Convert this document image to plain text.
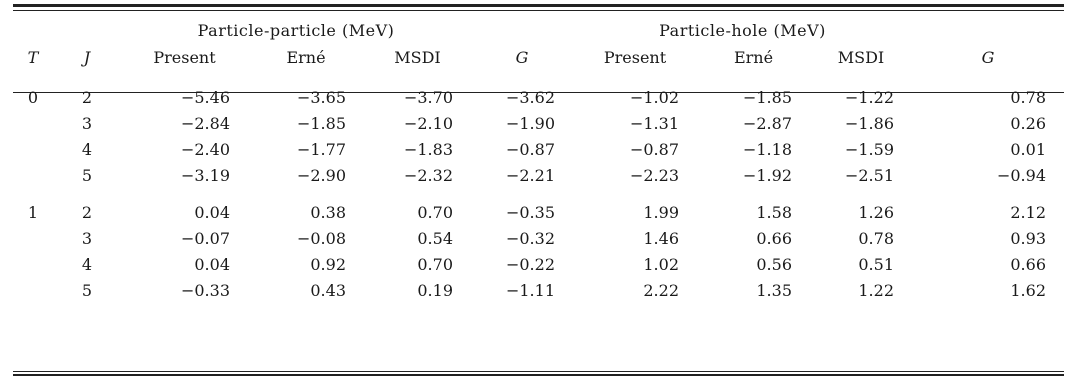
		Particle-particle (MeV)				Particle-hole (MeV)			
T	J	Present	Erné	MSDI	G	Present	Erné	MSDI	G

0	2	−5.46	−3.65	−3.70	−3.62	−1.02	−1.85	−1.22	0.78
	3	−2.84	−1.85	−2.10	−1.90	−1.31	−2.87	−1.86	0.26
	4	−2.40	−1.77	−1.83	−0.87	−0.87	−1.18	−1.59	0.01
	5	−3.19	−2.90	−2.32	−2.21	−2.23	−1.92	−2.51	−0.94

1	2	0.04	0.38	0.70	−0.35	1.99	1.58	1.26	2.12
	3	−0.07	−0.08	0.54	−0.32	1.46	0.66	0.78	0.93
	4	0.04	0.92	0.70	−0.22	1.02	0.56	0.51	0.66
	5	−0.33	0.43	0.19	−1.11	2.22	1.35	1.22	1.62
